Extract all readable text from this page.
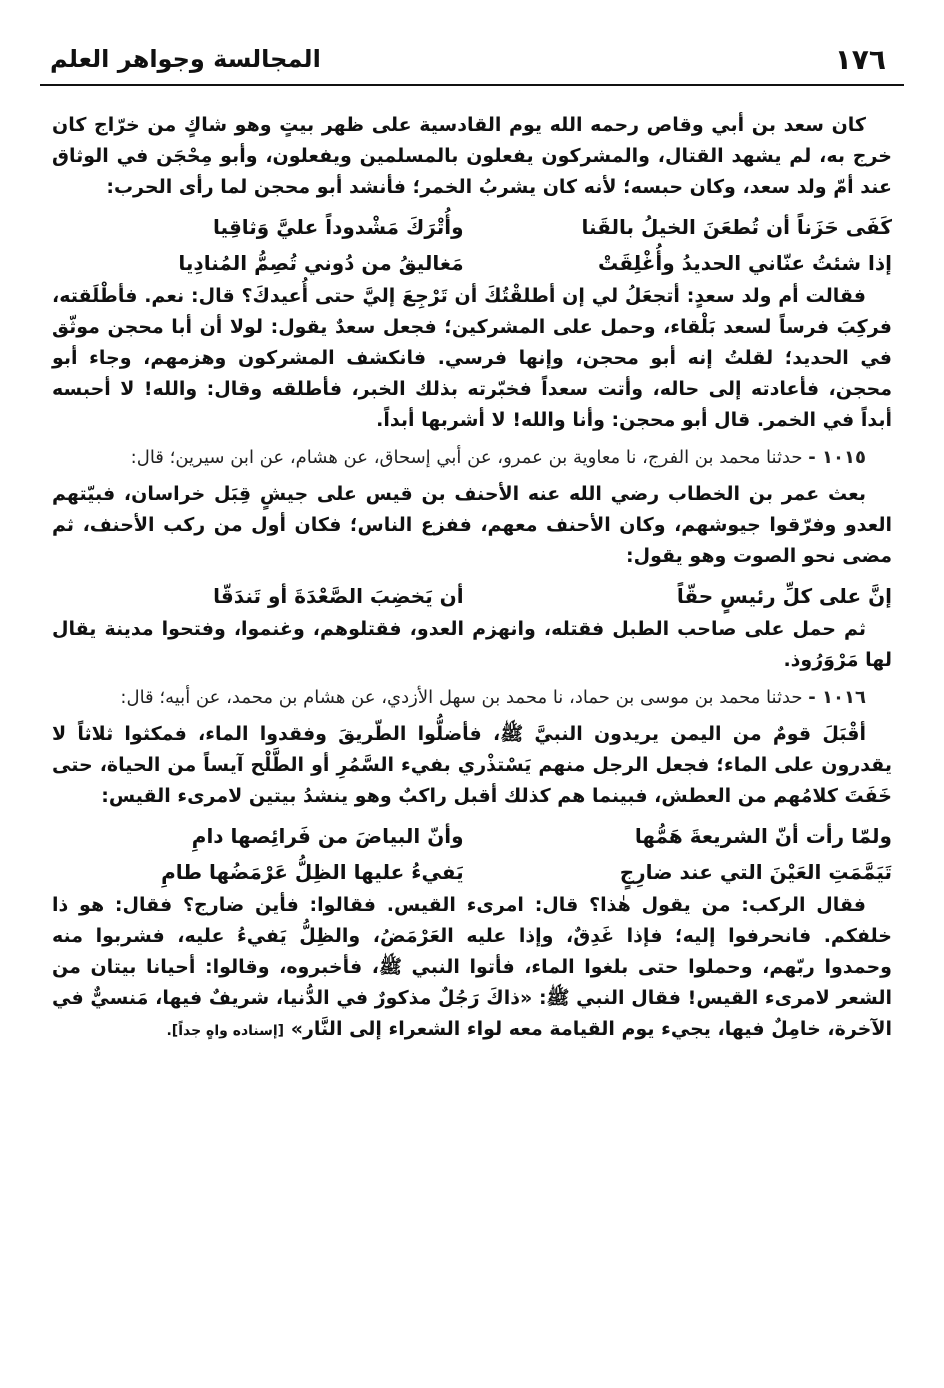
١٧٦
المجالسة وجواهر العلم

كان سعد بن أبي وقاص رحمه الله يوم القادسية على ظهر بيتٍ وهو شاكٍ من خرّاج كان خرج به، لم يشهد القتال، والمشركون يفعلون بالمسلمين ويفعلون، وأبو مِحْجَن في الوثاق عند أمّ ولد سعد، وكان حبسه؛ لأنه كان يشربُ الخمر؛ فأنشد أبو محجن لما رأى الحرب:

كَفَى حَزَناً أن تُطعَنَ الخيلُ بالقَنا
وأُتْرَكَ مَشْدوداً عليَّ وَثاقِيا
إذا شئتُ عنّاني الحديدُ وأُغْلِقَتْ
مَغاليقُ من دُوني تُصِمُّ المُنادِيا

فقالت أم ولد سعدٍ: أتجعَلُ لي إن أطلقْتُكَ أن تَرْجِعَ إليَّ حتى أُعيدكَ؟ قال: نعم. فأطْلَقته، فركِبَ فرساً لسعد بَلْقاء، وحمل على المشركين؛ فجعل سعدٌ يقول: لولا أن أبا محجن موثّق في الحديد؛ لقلتُ إنه أبو محجن، وإنها فرسي. فانكشف المشركون وهزمهم، وجاء أبو محجن، فأعادته إلى حاله، وأتت سعداً فخبّرته بذلك الخبر، فأطلقه وقال: والله! لا أحبسه أبداً في الخمر. قال أبو محجن: وأنا والله! لا أشربها أبداً.

١٠١٥ - حدثنا محمد بن الفرج، نا معاوية بن عمرو، عن أبي إسحاق، عن هشام، عن ابن سيرين؛ قال:

بعث عمر بن الخطاب رضي الله عنه الأحنف بن قيس على جيشٍ قِبَل خراسان، فبيّتهم العدو وفرّقوا جيوشهم، وكان الأحنف معهم، ففزع الناس؛ فكان أول من ركب الأحنف، ثم مضى نحو الصوت وهو يقول:

إنَّ على كلِّ رئيسٍ حقّاً
أن يَخضِبَ الصَّعْدَةَ أو تَندَقّا

ثم حمل على صاحب الطبل فقتله، وانهزم العدو، فقتلوهم، وغنموا، وفتحوا مدينة يقال لها مَرْوَرُوذ.

١٠١٦ - حدثنا محمد بن موسى بن حماد، نا محمد بن سهل الأزدي، عن هشام بن محمد، عن أبيه؛ قال:

أقْبَلَ قومٌ من اليمن يريدون النبيَّ ﷺ، فأضلُّوا الطّريقَ وفقدوا الماء، فمكثوا ثلاثاً لا يقدرون على الماء؛ فجعل الرجل منهم يَسْتذْري بفيء السَّمُرِ أو الطَّلْح آيساً من الحياة، حتى خَفَتَ كلامُهم من العطش، فبينما هم كذلك أقبل راكبٌ وهو ينشدُ بيتين لامرىء القيس:

ولمّا رأت أنّ الشريعةَ هَمُّها
وأنّ البياضَ من فَرائِصها دامِ
تَيَمَّمَتِ العَيْنَ التي عند ضارِجٍ
يَفيءُ عليها الظِلُّ عَرْمَضُها طامِ

فقال الركب: من يقول هٰذا؟ قال: امرىء القيس. فقالوا: فأين ضارج؟ فقال: هو ذا خلفكم. فانحرفوا إليه؛ فإذا غَدِقٌ، وإذا عليه العَرْمَضُ، والظِلُّ يَفيءُ عليه، فشربوا منه وحمدوا ربّهم، وحملوا حتى بلغوا الماء، فأتوا النبي ﷺ، فأخبروه، وقالوا: أحيانا بيتان من الشعر لامرىء القيس! فقال النبي ﷺ: «ذاكَ رَجُلٌ مذكورٌ في الدُّنيا، شريفٌ فيها، مَنسيٌّ في الآخرة، خامِلٌ فيها، يجيء يوم القيامة معه لواء الشعراء إلى النَّار» [إسناده واهٍ جداً].
